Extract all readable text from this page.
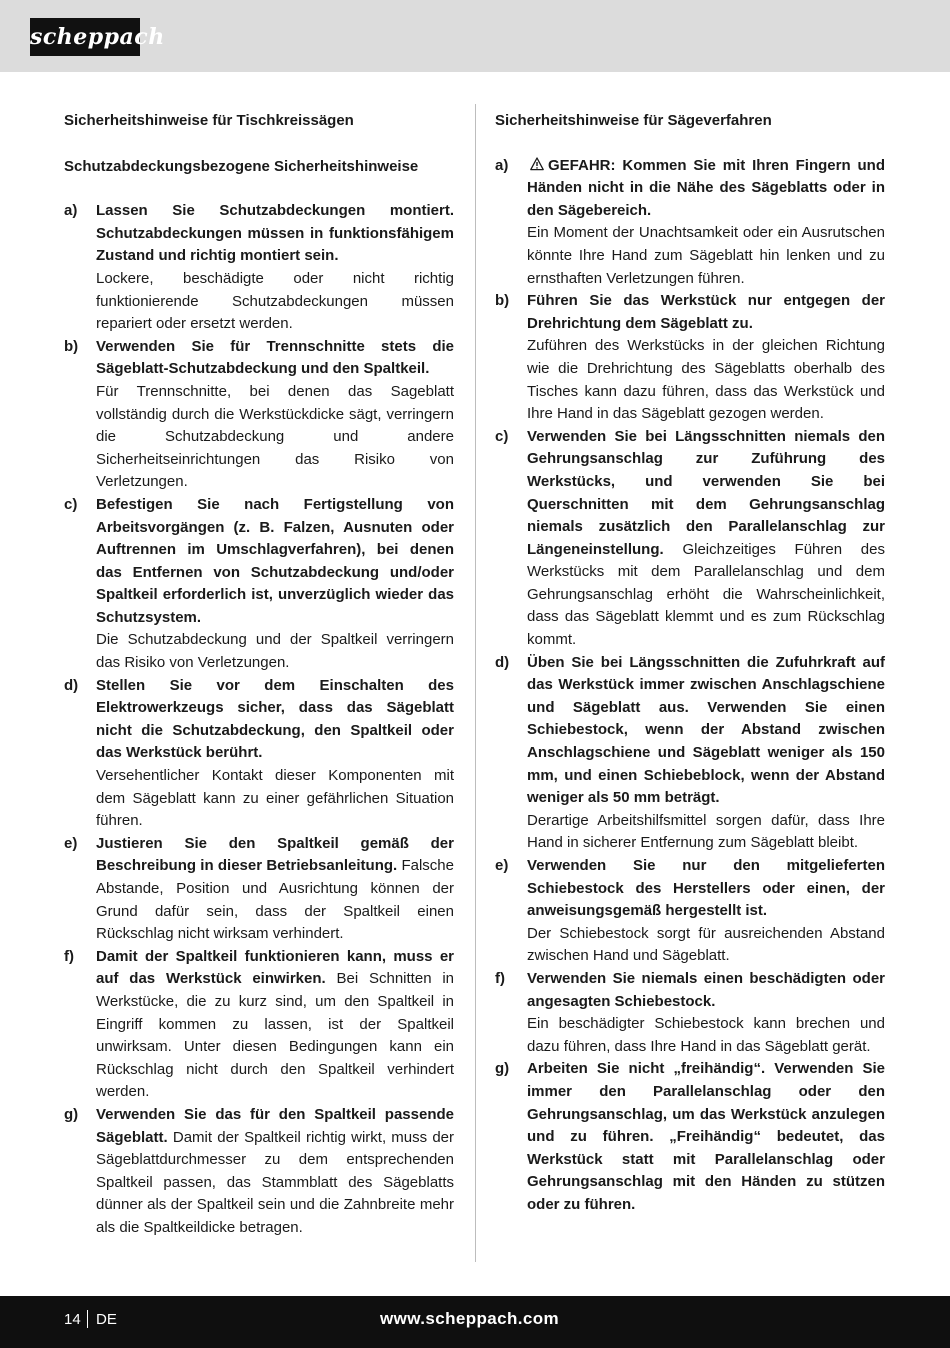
scheppach

Sicherheitshinweise für Tischkreissägen

Schutzabdeckungsbezogene Sicherheitshinweise

a) Lassen Sie Schutzabdeckungen montiert. Schutzabdeckungen müssen in funktionsfähigem Zustand und richtig montiert sein.
Lockere, beschädigte oder nicht richtig funktionierende Schutzabdeckungen müssen repariert oder ersetzt werden.
b) Verwenden Sie für Trennschnitte stets die Sägeblatt-Schutzabdeckung und den Spaltkeil.
Für Trennschnitte, bei denen das Sageblatt vollständig durch die Werkstückdicke sägt, verringern die Schutzabdeckung und andere Sicherheitseinrichtungen das Risiko von Verletzungen.
c) Befestigen Sie nach Fertigstellung von Arbeitsvorgängen (z. B. Falzen, Ausnuten oder Auftrennen im Umschlagverfahren), bei denen das Entfernen von Schutzabdeckung und/oder Spaltkeil erforderlich ist, unverzüglich wieder das Schutzsystem.
Die Schutzabdeckung und der Spaltkeil verringern das Risiko von Verletzungen.
d) Stellen Sie vor dem Einschalten des Elektrowerkzeugs sicher, dass das Sägeblatt nicht die Schutzabdeckung, den Spaltkeil oder das Werkstück berührt.
Versehentlicher Kontakt dieser Komponenten mit dem Sägeblatt kann zu einer gefährlichen Situation führen.
e) Justieren Sie den Spaltkeil gemäß der Beschreibung in dieser Betriebsanleitung. Falsche Abstande, Position und Ausrichtung können der Grund dafür sein, dass der Spaltkeil einen Rückschlag nicht wirksam verhindert.
f) Damit der Spaltkeil funktionieren kann, muss er auf das Werkstück einwirken. Bei Schnitten in Werkstücke, die zu kurz sind, um den Spaltkeil in Eingriff kommen zu lassen, ist der Spaltkeil unwirksam. Unter diesen Bedingungen kann ein Rückschlag nicht durch den Spaltkeil verhindert werden.
g) Verwenden Sie das für den Spaltkeil passende Sägeblatt. Damit der Spaltkeil richtig wirkt, muss der Sägeblattdurchmesser zu dem entsprechenden Spaltkeil passen, das Stammblatt des Sägeblatts dünner als der Spaltkeil sein und die Zahnbreite mehr als die Spaltkeildicke betragen.

Sicherheitshinweise für Sägeverfahren

a)	GEFAHR: Kommen Sie mit Ihren Fingern und Händen nicht in die Nähe des Sägeblatts oder in den Sägebereich.
Ein Moment der Unachtsamkeit oder ein Ausrutschen könnte Ihre Hand zum Sägeblatt hin lenken und zu ernsthaften Verletzungen führen.
b) Führen Sie das Werkstück nur entgegen der Drehrichtung dem Sägeblatt zu.
Zuführen des Werkstücks in der gleichen Richtung wie die Drehrichtung des Sägeblatts oberhalb des Tisches kann dazu führen, dass das Werkstück und Ihre Hand in das Sägeblatt gezogen werden.
c) Verwenden Sie bei Längsschnitten niemals den Gehrungsanschlag zur Zuführung des Werkstücks, und verwenden Sie bei Querschnitten mit dem Gehrungsanschlag niemals zusätzlich den Parallelanschlag zur Längeneinstellung. Gleichzeitiges Führen des Werkstücks mit dem Parallelanschlag und dem Gehrungsanschlag erhöht die Wahrscheinlichkeit, dass das Sägeblatt klemmt und es zum Rückschlag kommt.
d) Üben Sie bei Längsschnitten die Zufuhrkraft auf das Werkstück immer zwischen Anschlagschiene und Sägeblatt aus. Verwenden Sie einen Schiebestock, wenn der Abstand zwischen Anschlagschiene und Sägeblatt weniger als 150 mm, und einen Schiebeblock, wenn der Abstand weniger als 50 mm beträgt.
Derartige Arbeitshilfsmittel sorgen dafür, dass Ihre Hand in sicherer Entfernung zum Sägeblatt bleibt.
e) Verwenden Sie nur den mitgelieferten Schiebestock des Herstellers oder einen, der anweisungsgemäß hergestellt ist.
Der Schiebestock sorgt für ausreichenden Abstand zwischen Hand und Sägeblatt.
f) Verwenden Sie niemals einen beschädigten oder angesagten Schiebestock.
Ein beschädigter Schiebestock kann brechen und dazu führen, dass Ihre Hand in das Sägeblatt gerät.
g) Arbeiten Sie nicht „freihändig“. Verwenden Sie immer den Parallelanschlag oder den Gehrungsanschlag, um das Werkstück anzulegen und zu führen. „Freihändig“ bedeutet, das Werkstück statt mit Parallelanschlag oder Gehrungsanschlag mit den Händen zu stützen oder zu führen.
14 DE	www.scheppach.com
